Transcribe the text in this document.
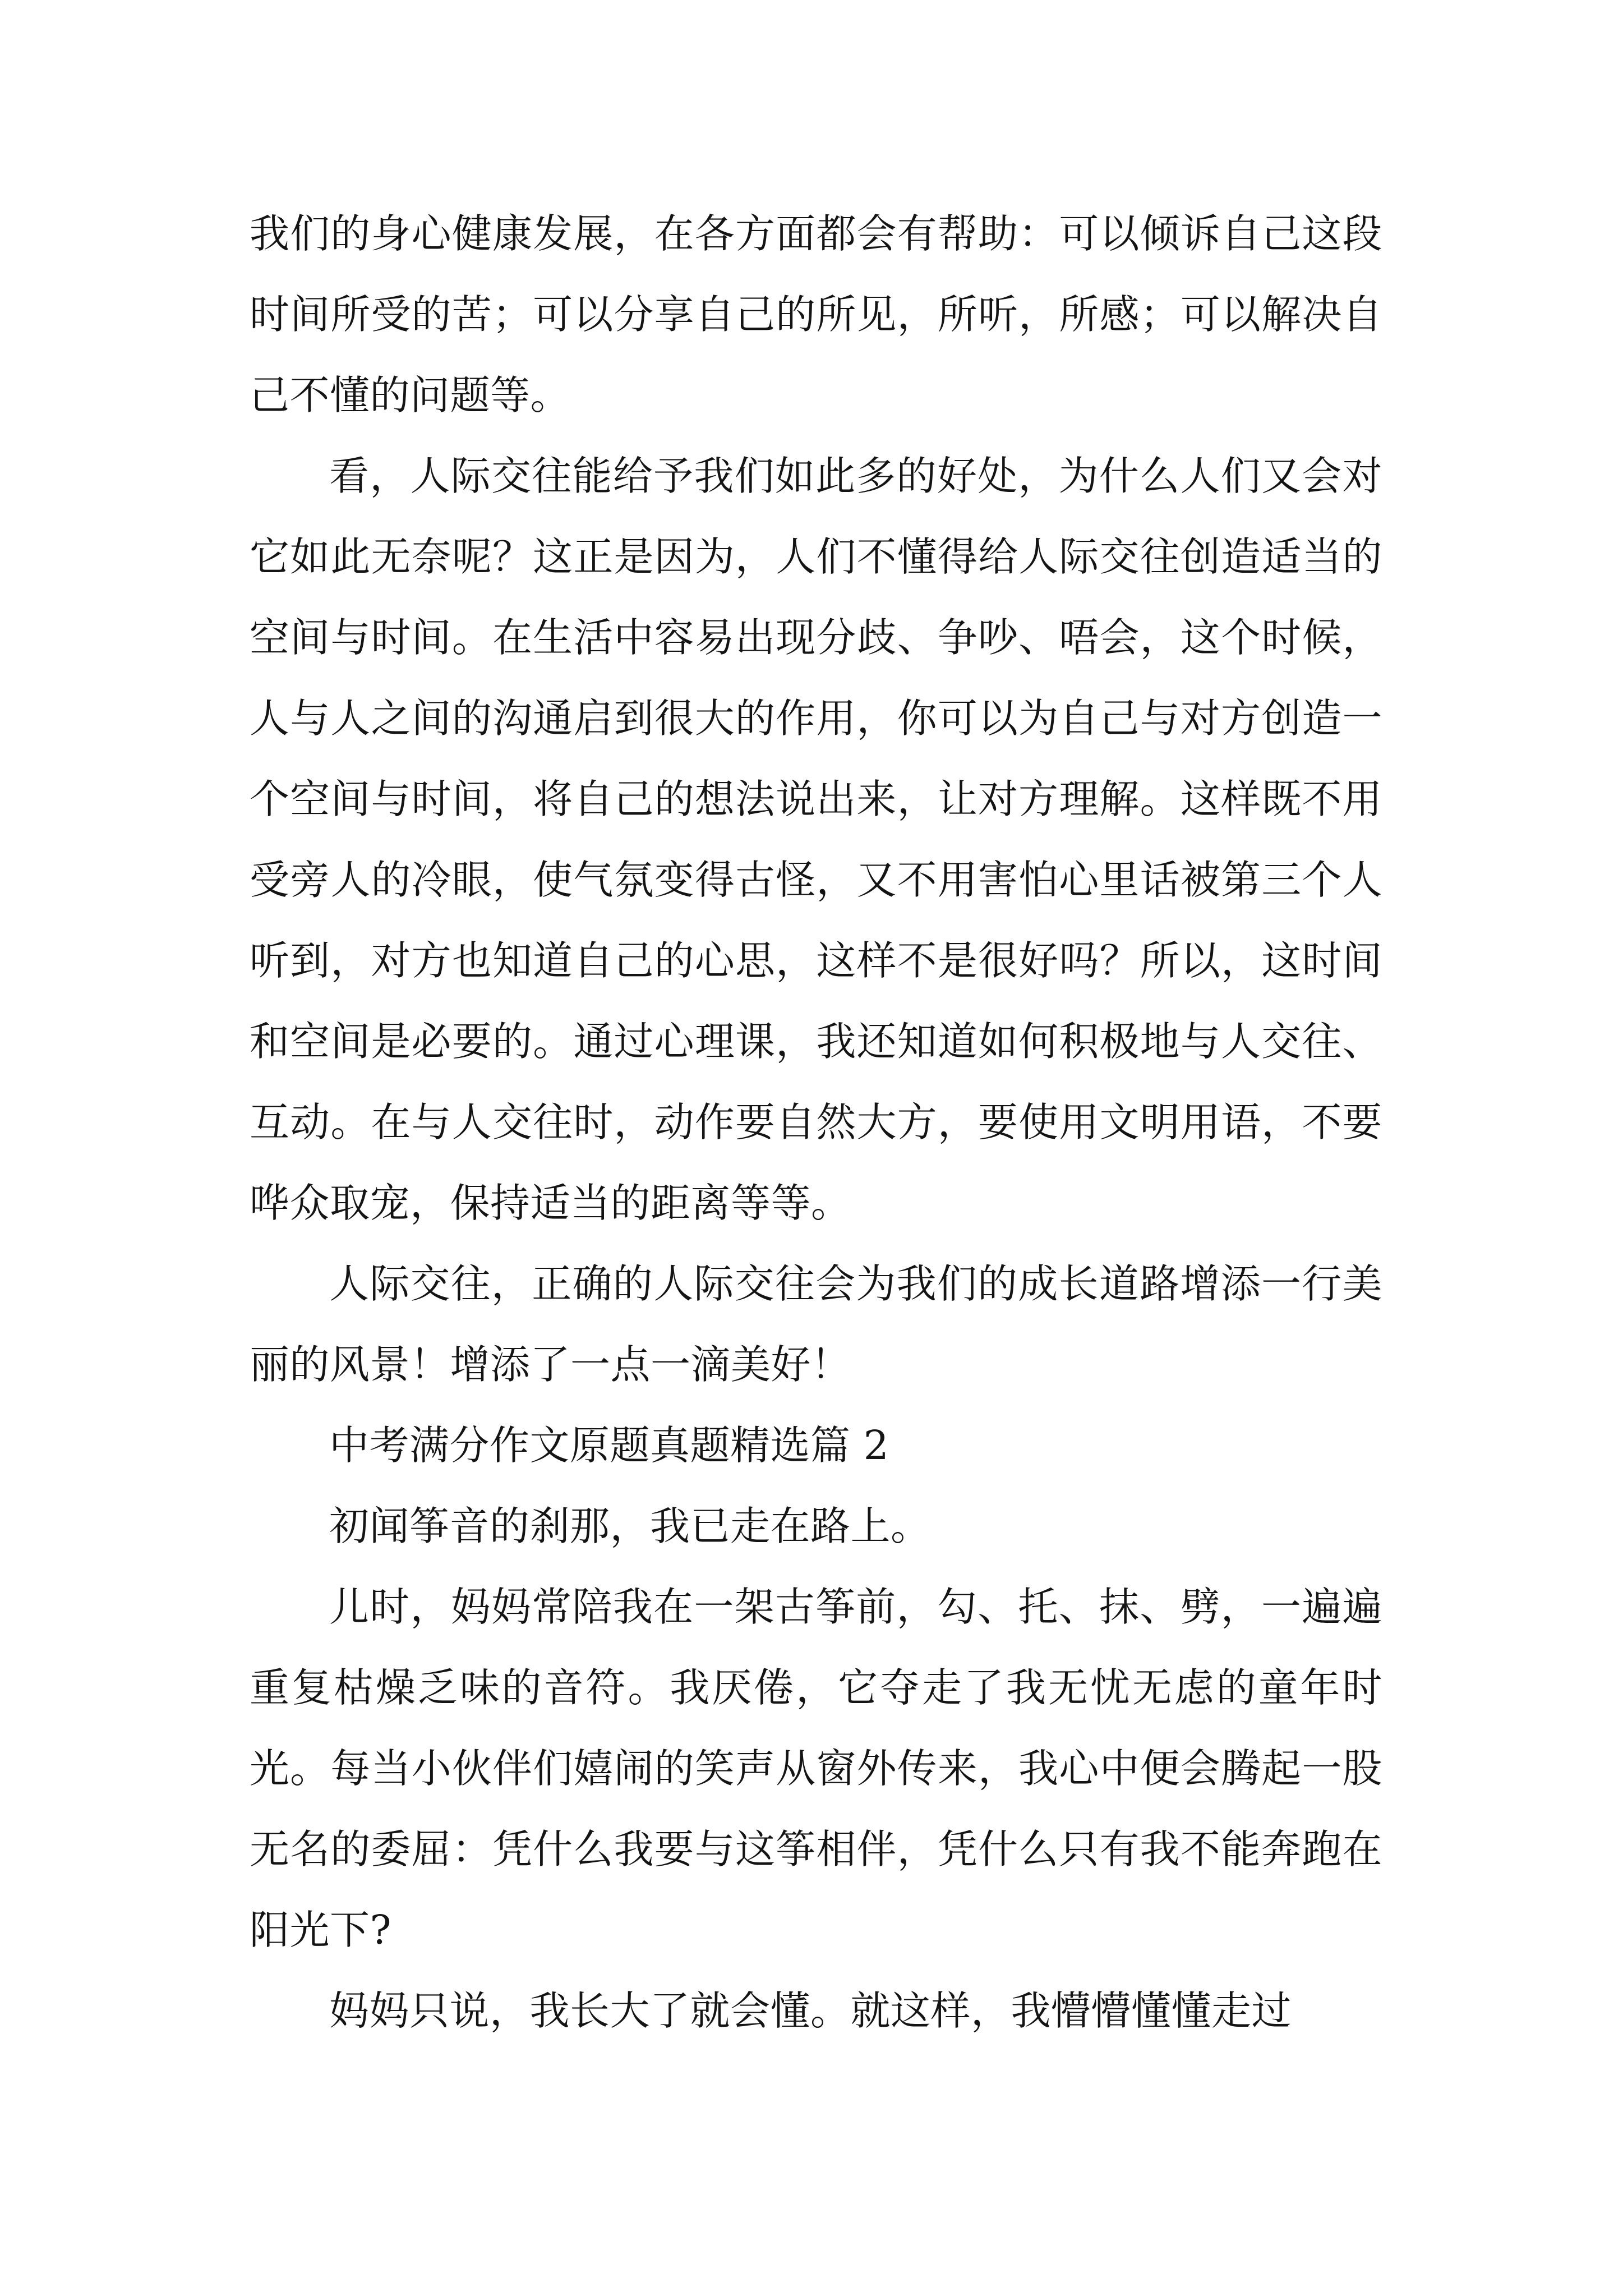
我们的身心健康发展，在各方面都会有帮助：可以倾诉自己这段时间所受的苦；可以分享自己的所见，所听，所感；可以解决自己不懂的问题等。

看，人际交往能给予我们如此多的好处，为什么人们又会对它如此无奈呢？这正是因为，人们不懂得给人际交往创造适当的空间与时间。在生活中容易出现分歧、争吵、唔会，这个时候，人与人之间的沟通启到很大的作用，你可以为自己与对方创造一个空间与时间，将自己的想法说出来，让对方理解。这样既不用受旁人的冷眼，使气氛变得古怪，又不用害怕心里话被第三个人听到，对方也知道自己的心思，这样不是很好吗？所以，这时间和空间是必要的。通过心理课，我还知道如何积极地与人交往、互动。在与人交往时，动作要自然大方，要使用文明用语，不要哗众取宠，保持适当的距离等等。

人际交往，正确的人际交往会为我们的成长道路增添一行美丽的风景！增添了一点一滴美好！

中考满分作文原题真题精选篇 2

初闻筝音的刹那，我已走在路上。

儿时，妈妈常陪我在一架古筝前，勾、托、抹、劈，一遍遍重复枯燥乏味的音符。我厌倦，它夺走了我无忧无虑的童年时光。每当小伙伴们嬉闹的笑声从窗外传来，我心中便会腾起一股无名的委屈：凭什么我要与这筝相伴，凭什么只有我不能奔跑在阳光下?

妈妈只说，我长大了就会懂。就这样，我懵懵懂懂走过
